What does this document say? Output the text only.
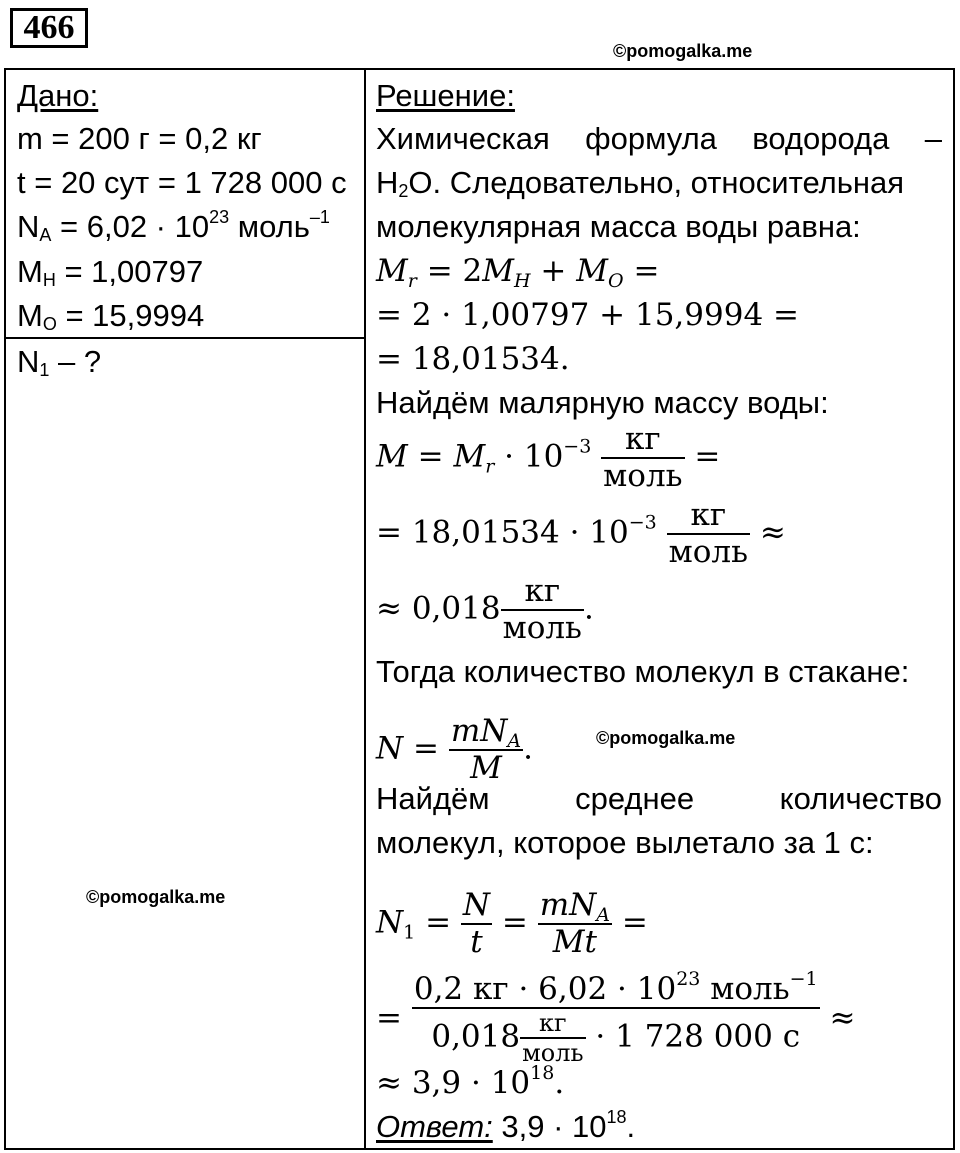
466
©pomogalka.me
Дано:
m = 200 г = 0,2 кг
t = 20 сут = 1 728 000 с
$N_A = 6,02 \cdot 10^{23}$ моль$^{-1}$
$M_H = 1,00797$
$M_O = 15,9994$
$N_1$ – ?
©pomogalka.me
Решение:
Химическая формула водорода –
$H_2O$. Следовательно, относительная
молекулярная масса воды равна:
$M_r = 2M_H + M_O$ =
= 2 · 1,00797 + 15,9994 =
= 18,01534.
Найдём малярную массу воды:
$M = M_r \cdot 10^{-3} \frac{кг}{\text{моль}}$ =
= $18,01534 \cdot 10^{-3} \frac{кг}{\text{моль}}$ ≈
≈ $0,018 \frac{кг}{\text{моль}}$ .
Тогда количество молекул в стакане:
$N = \frac{mN_A}{M}$ .	©pomogalka.me
Найдём	среднее	количество
молекул, которое вылетало за 1 с:
$N_1 = \frac{N}{t} = \frac{mN_A}{Mt}$ =
= $\frac{0,2 кг \cdot 6,02 \cdot 10^{23} моль^{-1}}{0,018 \frac{кг}{\text{моль}} \cdot 1 728 000 с}$ ≈
≈ $3,9 \cdot 10^{18}$.
Ответ: $3,9 \cdot 10^{18}$.
